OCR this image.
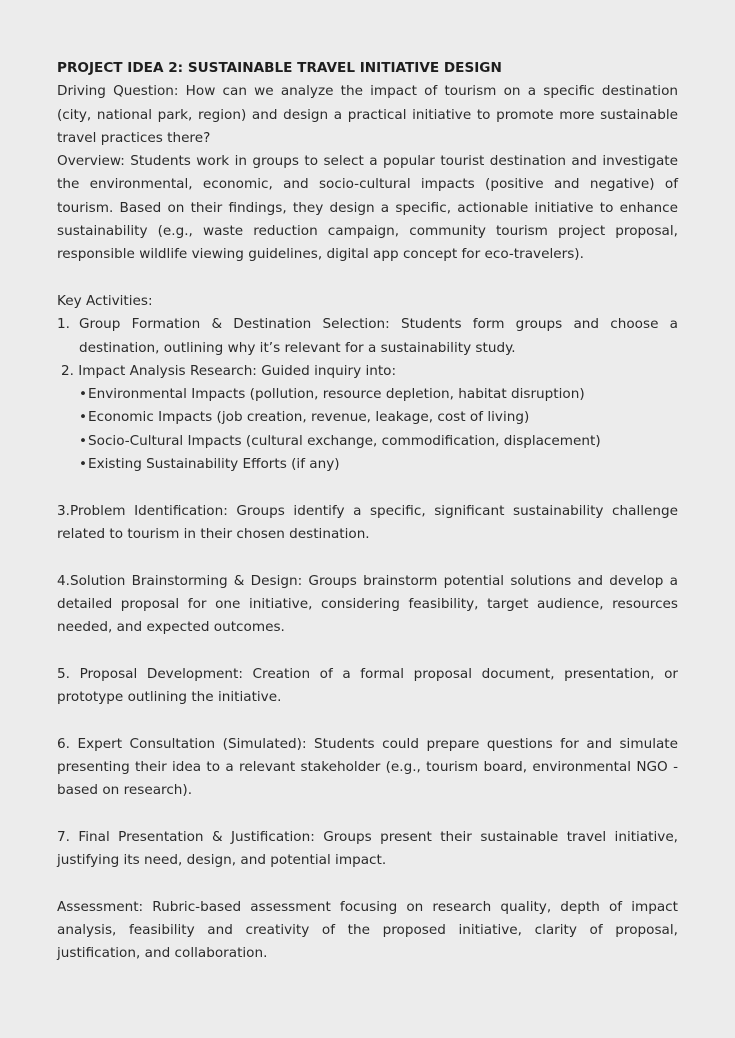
PROJECT IDEA 2: SUSTAINABLE TRAVEL INITIATIVE DESIGN

Driving Question: How can we analyze the impact of tourism on a specific destination (city, national park, region) and design a practical initiative to promote more sustainable travel practices there?

Overview: Students work in groups to select a popular tourist destination and investigate the environmental, economic, and socio-cultural impacts (positive and negative) of tourism. Based on their findings, they design a specific, actionable initiative to enhance sustainability (e.g., waste reduction campaign, community tourism project proposal, responsible wildlife viewing guidelines, digital app concept for eco-travelers).

Key Activities:

1. Group Formation & Destination Selection: Students form groups and choose a destination, outlining why it’s relevant for a sustainability study.
2. Impact Analysis Research: Guided inquiry into:
• Environmental Impacts (pollution, resource depletion, habitat disruption)
• Economic Impacts (job creation, revenue, leakage, cost of living)
• Socio-Cultural Impacts (cultural exchange, commodification, displacement)
• Existing Sustainability Efforts (if any)

3.Problem Identification: Groups identify a specific, significant sustainability challenge related to tourism in their chosen destination.

4.Solution Brainstorming & Design: Groups brainstorm potential solutions and develop a detailed proposal for one initiative, considering feasibility, target audience, resources needed, and expected outcomes.

5. Proposal Development: Creation of a formal proposal document, presentation, or prototype outlining the initiative.

6. Expert Consultation (Simulated): Students could prepare questions for and simulate presenting their idea to a relevant stakeholder (e.g., tourism board, environmental NGO - based on research).

7. Final Presentation & Justification: Groups present their sustainable travel initiative, justifying its need, design, and potential impact.

Assessment: Rubric-based assessment focusing on research quality, depth of impact analysis, feasibility and creativity of the proposed initiative, clarity of proposal, justification, and collaboration.
